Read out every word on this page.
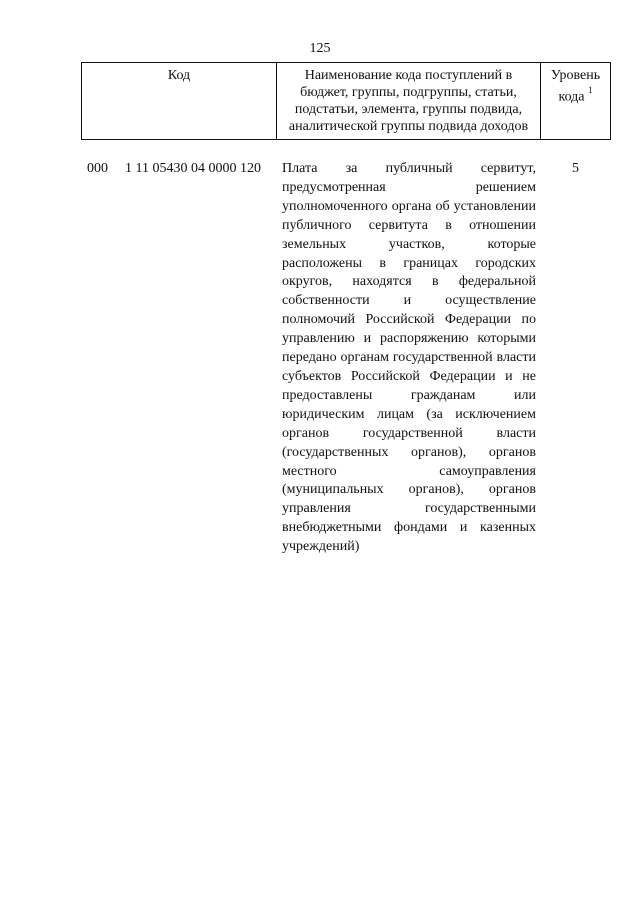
125
Код	Наименование кода поступлений в бюджет, группы, подгруппы, статьи, подстатьи, элемента, группы подвида, аналитической группы подвида доходов
Уровень кода $^1$
000 1 11 05430 04 0000 120 Плата за публичный сервитут, предусмотренная решением уполномоченного органа об установлении публичного сервитута в отношении земельных участков, которые расположены в границах городских округов, находятся в федеральной собственности и осуществление полномочий Российской Федерации по управлению и распоряжению которыми передано органам государственной власти субъектов Российской Федерации и не предоставлены гражданам или юридическим лицам (за исключением органов государственной власти (государственных органов), органов местного самоуправления (муниципальных органов), органов управления государственными внебюджетными фондами и казенных учреждений)
5
